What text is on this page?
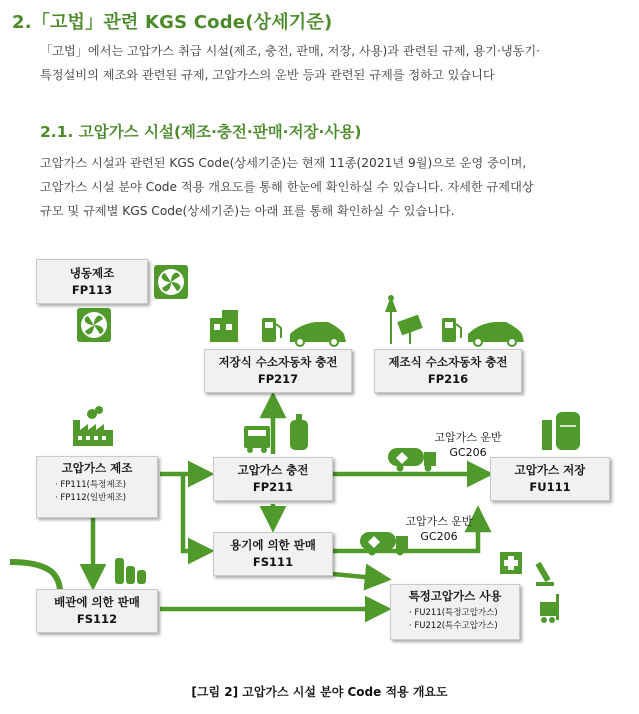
2.「고법」관련 KGS Code(상세기준)
「고법」에서는 고압가스 취급 시설(제조, 충전, 판매, 저장, 사용)과 관련된 규제, 용기·냉동기·
특정설비의 제조와 관련된 규제, 고압가스의 운반 등과 관련된 규제를 정하고 있습니다
2.1. 고압가스 시설(제조·충전·판매·저장·사용)
고압가스 시설과 관련된 KGS Code(상세기준)는 현재 11종(2021년 9월)으로 운영 중이며,
고압가스 시설 분야 Code 적용 개요도를 통해 한눈에 확인하실 수 있습니다. 자세한 규제대상
규모 및 규제별 KGS Code(상세기준)는 아래 표를 통해 확인하실 수 있습니다.
냉동제조
FP113
저장식 수소자동차 충전
FP217
제조식 수소자동차 충전
FP216
고압가스 제조
· FP111(특정제조)
· FP112(일반제조)
고압가스 충전
FP211
고압가스 저장
FU111
용기에 의한 판매
FS111
배관에 의한 판매
FS112
특정고압가스 사용
· FU211(특정고압가스)
· FU212(특수고압가스)
고압가스 운반
GC206
고압가스 운반
GC206
[그림 2] 고압가스 시설 분야 Code 적용 개요도
